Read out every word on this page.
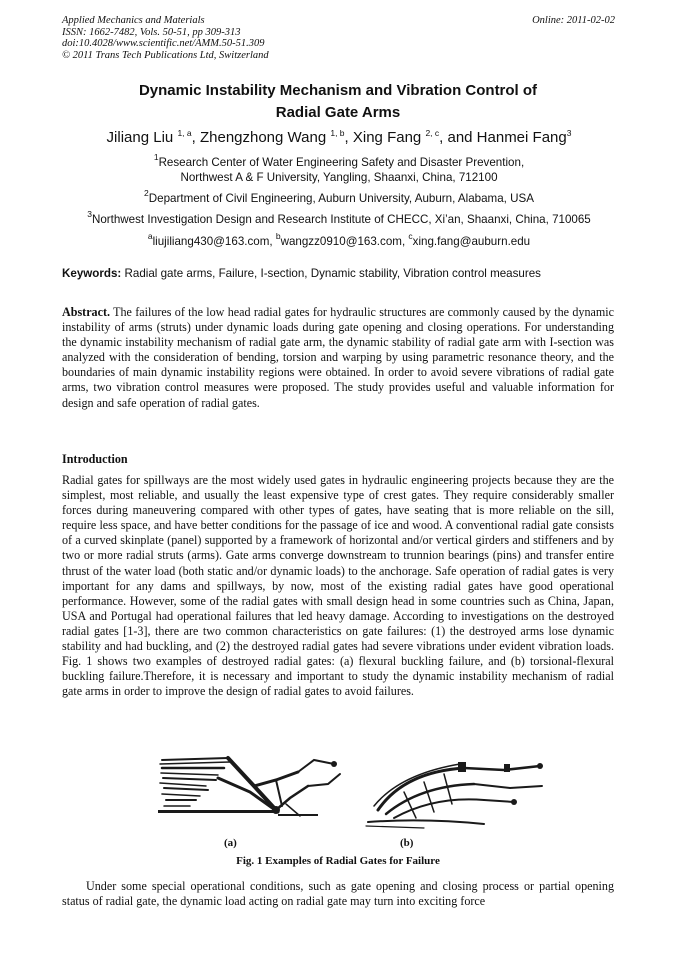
Applied Mechanics and Materials
ISSN: 1662-7482, Vols. 50-51, pp 309-313
doi:10.4028/www.scientific.net/AMM.50-51.309
© 2011 Trans Tech Publications Ltd, Switzerland
Online: 2011-02-02
Dynamic Instability Mechanism and Vibration Control of
Radial Gate Arms
Jiliang Liu $^{1, a}$, Zhengzhong Wang $^{1, b}$, Xing Fang $^{2, c}$, and Hanmei Fang$^3$
$^1$Research Center of Water Engineering Safety and Disaster Prevention,
Northwest A & F University, Yangling, Shaanxi, China, 712100
$^2$Department of Civil Engineering, Auburn University, Auburn, Alabama, USA
$^3$Northwest Investigation Design and Research Institute of CHECC, Xi’an, Shaanxi, China, 710065
$^a$liujiliang430@163.com, $^b$wangzz0910@163.com, $^c$xing.fang@auburn.edu
Keywords: Radial gate arms, Failure, I-section, Dynamic stability, Vibration control measures
Abstract. The failures of the low head radial gates for hydraulic structures are commonly caused by the dynamic instability of arms (struts) under dynamic loads during gate opening and closing operations. For understanding the dynamic instability mechanism of radial gate arm, the dynamic stability of radial gate arm with I-section was analyzed with the consideration of bending, torsion and warping by using parametric resonance theory, and the boundaries of main dynamic instability regions were obtained. In order to avoid severe vibrations of radial gate arms, two vibration control measures were proposed. The study provides useful and valuable information for design and safe operation of radial gates.
Introduction
Radial gates for spillways are the most widely used gates in hydraulic engineering projects because they are the simplest, most reliable, and usually the least expensive type of crest gates. They require considerably smaller forces during maneuvering compared with other types of gates, have seating that is more reliable on the sill, require less space, and have better conditions for the passage of ice and wood. A conventional radial gate consists of a curved skinplate (panel) supported by a framework of horizontal and/or vertical girders and stiffeners and by two or more radial struts (arms). Gate arms converge downstream to trunnion bearings (pins) and transfer entire thrust of the water load (both static and/or dynamic loads) to the anchorage. Safe operation of radial gates is very important for any dams and spillways, by now, most of the existing radial gates have good operational performance. However, some of the radial gates with small design head in some countries such as China, Japan, USA and Portugal had operational failures that led heavy damage. According to investigations on the destroyed radial gates [1-3], there are two common characteristics on gate failures: (1) the destroyed arms lose dynamic stability and had buckling, and (2) the destroyed radial gates had severe vibrations under evident vibration loads. Fig. 1 shows two examples of destroyed radial gates: (a) flexural buckling failure, and (b) torsional-flexural buckling failure.Therefore, it is necessary and important to study the dynamic instability mechanism of radial gate arms in order to improve the design of radial gates to avoid failures.
(a)	(b)
Fig. 1 Examples of Radial Gates for Failure
Under some special operational conditions, such as gate opening and closing process or partial opening status of radial gate, the dynamic load acting on radial gate may turn into exciting force
